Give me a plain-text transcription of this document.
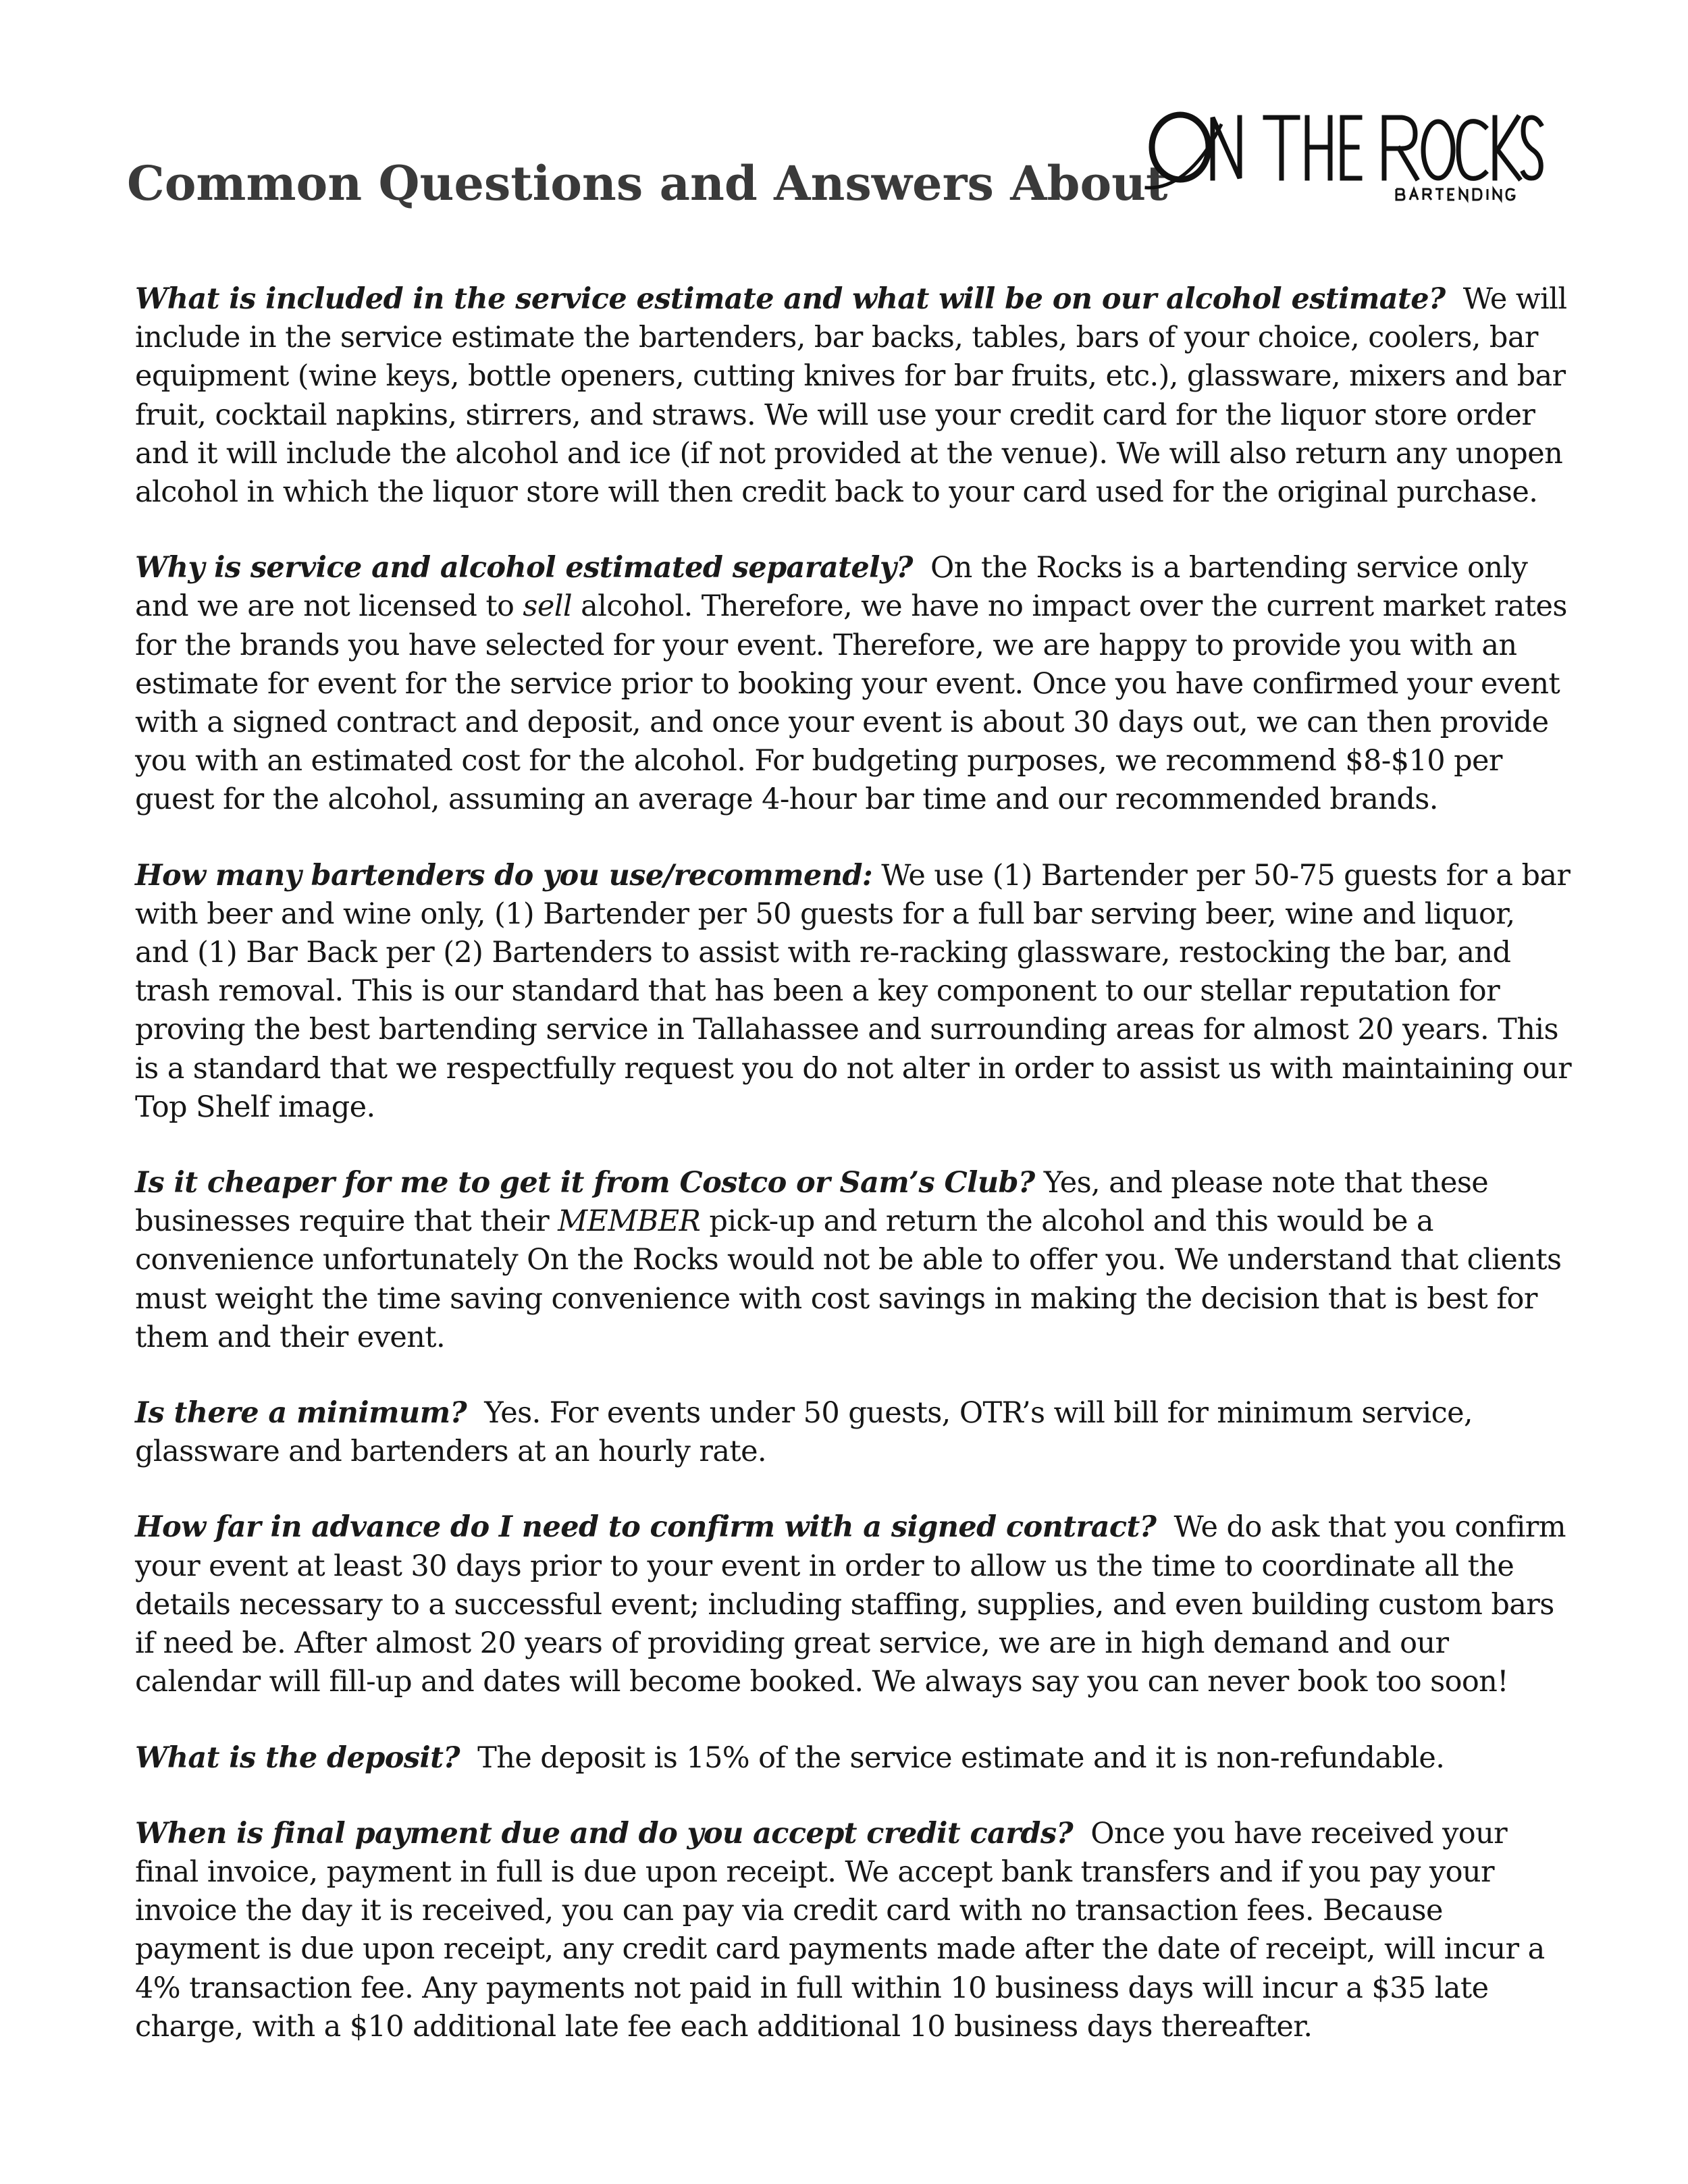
Common Questions and Answers About

What is included in the service estimate and what will be on our alcohol estimate? We will include in the service estimate the bartenders, bar backs, tables, bars of your choice, coolers, bar equipment (wine keys, bottle openers, cutting knives for bar fruits, etc.), glassware, mixers and bar fruit, cocktail napkins, stirrers, and straws. We will use your credit card for the liquor store order and it will include the alcohol and ice (if not provided at the venue). We will also return any unopen alcohol in which the liquor store will then credit back to your card used for the original purchase.

Why is service and alcohol estimated separately? On the Rocks is a bartending service only and we are not licensed to sell alcohol. Therefore, we have no impact over the current market rates for the brands you have selected for your event. Therefore, we are happy to provide you with an estimate for event for the service prior to booking your event. Once you have confirmed your event with a signed contract and deposit, and once your event is about 30 days out, we can then provide you with an estimated cost for the alcohol. For budgeting purposes, we recommend $8-$10 per guest for the alcohol, assuming an average 4-hour bar time and our recommended brands.

How many bartenders do you use/recommend: We use (1) Bartender per 50-75 guests for a bar with beer and wine only, (1) Bartender per 50 guests for a full bar serving beer, wine and liquor, and (1) Bar Back per (2) Bartenders to assist with re-racking glassware, restocking the bar, and trash removal. This is our standard that has been a key component to our stellar reputation for proving the best bartending service in Tallahassee and surrounding areas for almost 20 years. This is a standard that we respectfully request you do not alter in order to assist us with maintaining our Top Shelf image.

Is it cheaper for me to get it from Costco or Sam’s Club? Yes, and please note that these businesses require that their MEMBER pick-up and return the alcohol and this would be a convenience unfortunately On the Rocks would not be able to offer you. We understand that clients must weight the time saving convenience with cost savings in making the decision that is best for them and their event.

Is there a minimum? Yes. For events under 50 guests, OTR’s will bill for minimum service, glassware and bartenders at an hourly rate.

How far in advance do I need to confirm with a signed contract? We do ask that you confirm your event at least 30 days prior to your event in order to allow us the time to coordinate all the details necessary to a successful event; including staffing, supplies, and even building custom bars if need be. After almost 20 years of providing great service, we are in high demand and our calendar will fill-up and dates will become booked. We always say you can never book too soon!

What is the deposit? The deposit is 15% of the service estimate and it is non-refundable.

When is final payment due and do you accept credit cards? Once you have received your final invoice, payment in full is due upon receipt. We accept bank transfers and if you pay your invoice the day it is received, you can pay via credit card with no transaction fees. Because payment is due upon receipt, any credit card payments made after the date of receipt, will incur a 4% transaction fee. Any payments not paid in full within 10 business days will incur a $35 late charge, with a $10 additional late fee each additional 10 business days thereafter.
